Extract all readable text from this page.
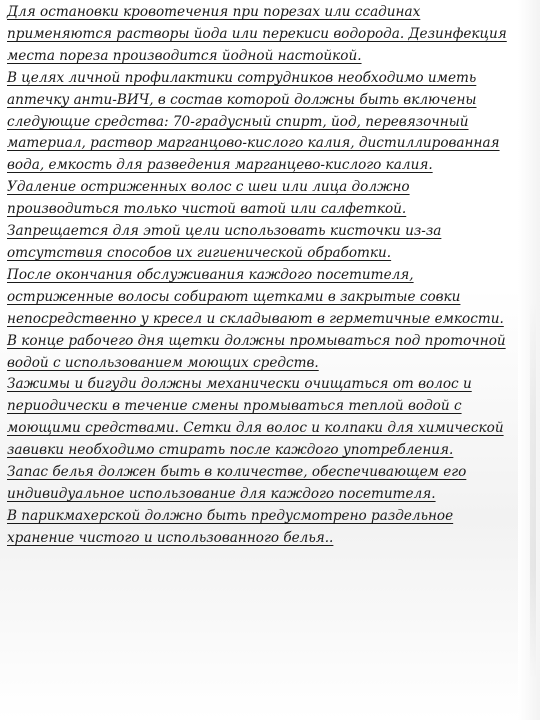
Для остановки кровотечения при порезах или ссадинах применяются растворы йода или перекиси водорода. Дезинфекция места пореза производится йодной настойкой.

В целях личной профилактики сотрудников необходимо иметь аптечку анти-ВИЧ, в состав которой должны быть включены следующие средства: 70-градусный спирт, йод, перевязочный материал, раствор марганцово-кислого калия, дистиллированная вода, емкость для разведения марганцево-кислого калия.

Удаление остриженных волос с шеи или лица должно производиться только чистой ватой или салфеткой.

Запрещается для этой цели использовать кисточки из-за отсутствия способов их гигиенической обработки.

После окончания обслуживания каждого посетителя, остриженные волосы собирают щетками в закрытые совки непосредственно у кресел и складывают в герметичные емкости.

В конце рабочего дня щетки должны промываться под проточной водой с использованием моющих средств.

Зажимы и бигуди должны механически очищаться от волос и периодически в течение смены промываться теплой водой с моющими средствами. Сетки для волос и колпаки для химической завивки необходимо стирать после каждого употребления.

Запас белья должен быть в количестве, обеспечивающем его индивидуальное использование для каждого посетителя.

В парикмахерской должно быть предусмотрено раздельное хранение чистого и использованного белья..
